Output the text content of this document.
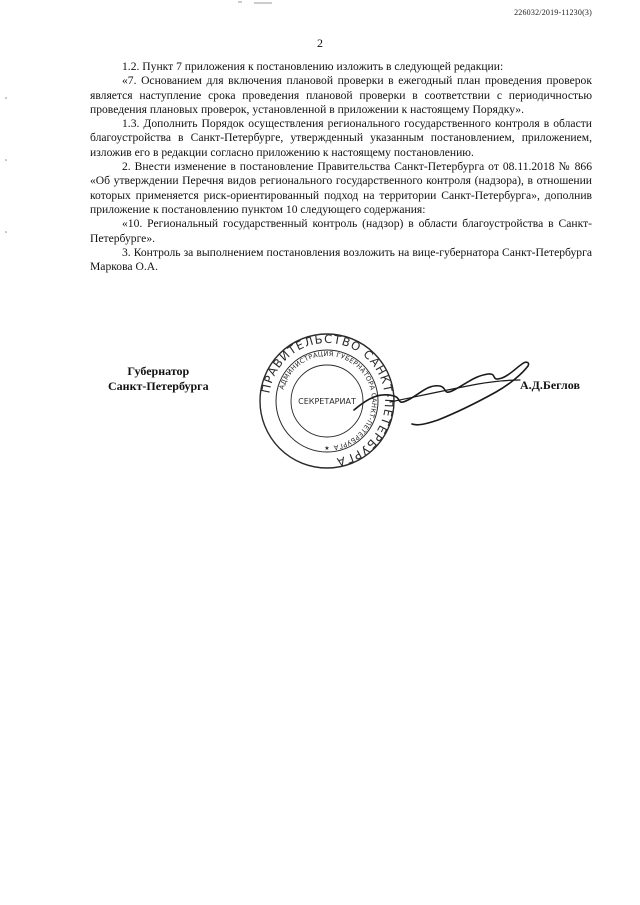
226032/2019-11230(3)
2

1.2. Пункт 7 приложения к постановлению изложить в следующей редакции:

«7. Основанием для включения плановой проверки в ежегодный план проведения проверок является наступление срока проведения плановой проверки в соответствии с периодичностью проведения плановых проверок, установленной в приложении к настоящему Порядку».

1.3. Дополнить Порядок осуществления регионального государственного контроля в области благоустройства в Санкт-Петербурге, утвержденный указанным постановлением, приложением, изложив его в редакции согласно приложению к настоящему постановлению.

2. Внести изменение в постановление Правительства Санкт-Петербурга от 08.11.2018 № 866 «Об утверждении Перечня видов регионального государственного контроля (надзора), в отношении которых применяется риск-ориентированный подход на территории Санкт-Петербурга», дополнив приложение к постановлению пунктом 10 следующего содержания:

«10. Региональный государственный контроль (надзор) в области благоустройства в Санкт-Петербурге».

3. Контроль за выполнением постановления возложить на вице-губернатора Санкт-Петербурга Маркова О.А.

Губернатор
Санкт-Петербурга	ПРАВИТЕЛЬСТВО САНКТ-ПЕТЕРБУРГА
АДМИНИСТРАЦИЯ ГУБЕРНАТОРА САНКТ-ПЕТЕРБУРГА
СЕКРЕТАРИАТ
★
А.Д.Беглов
